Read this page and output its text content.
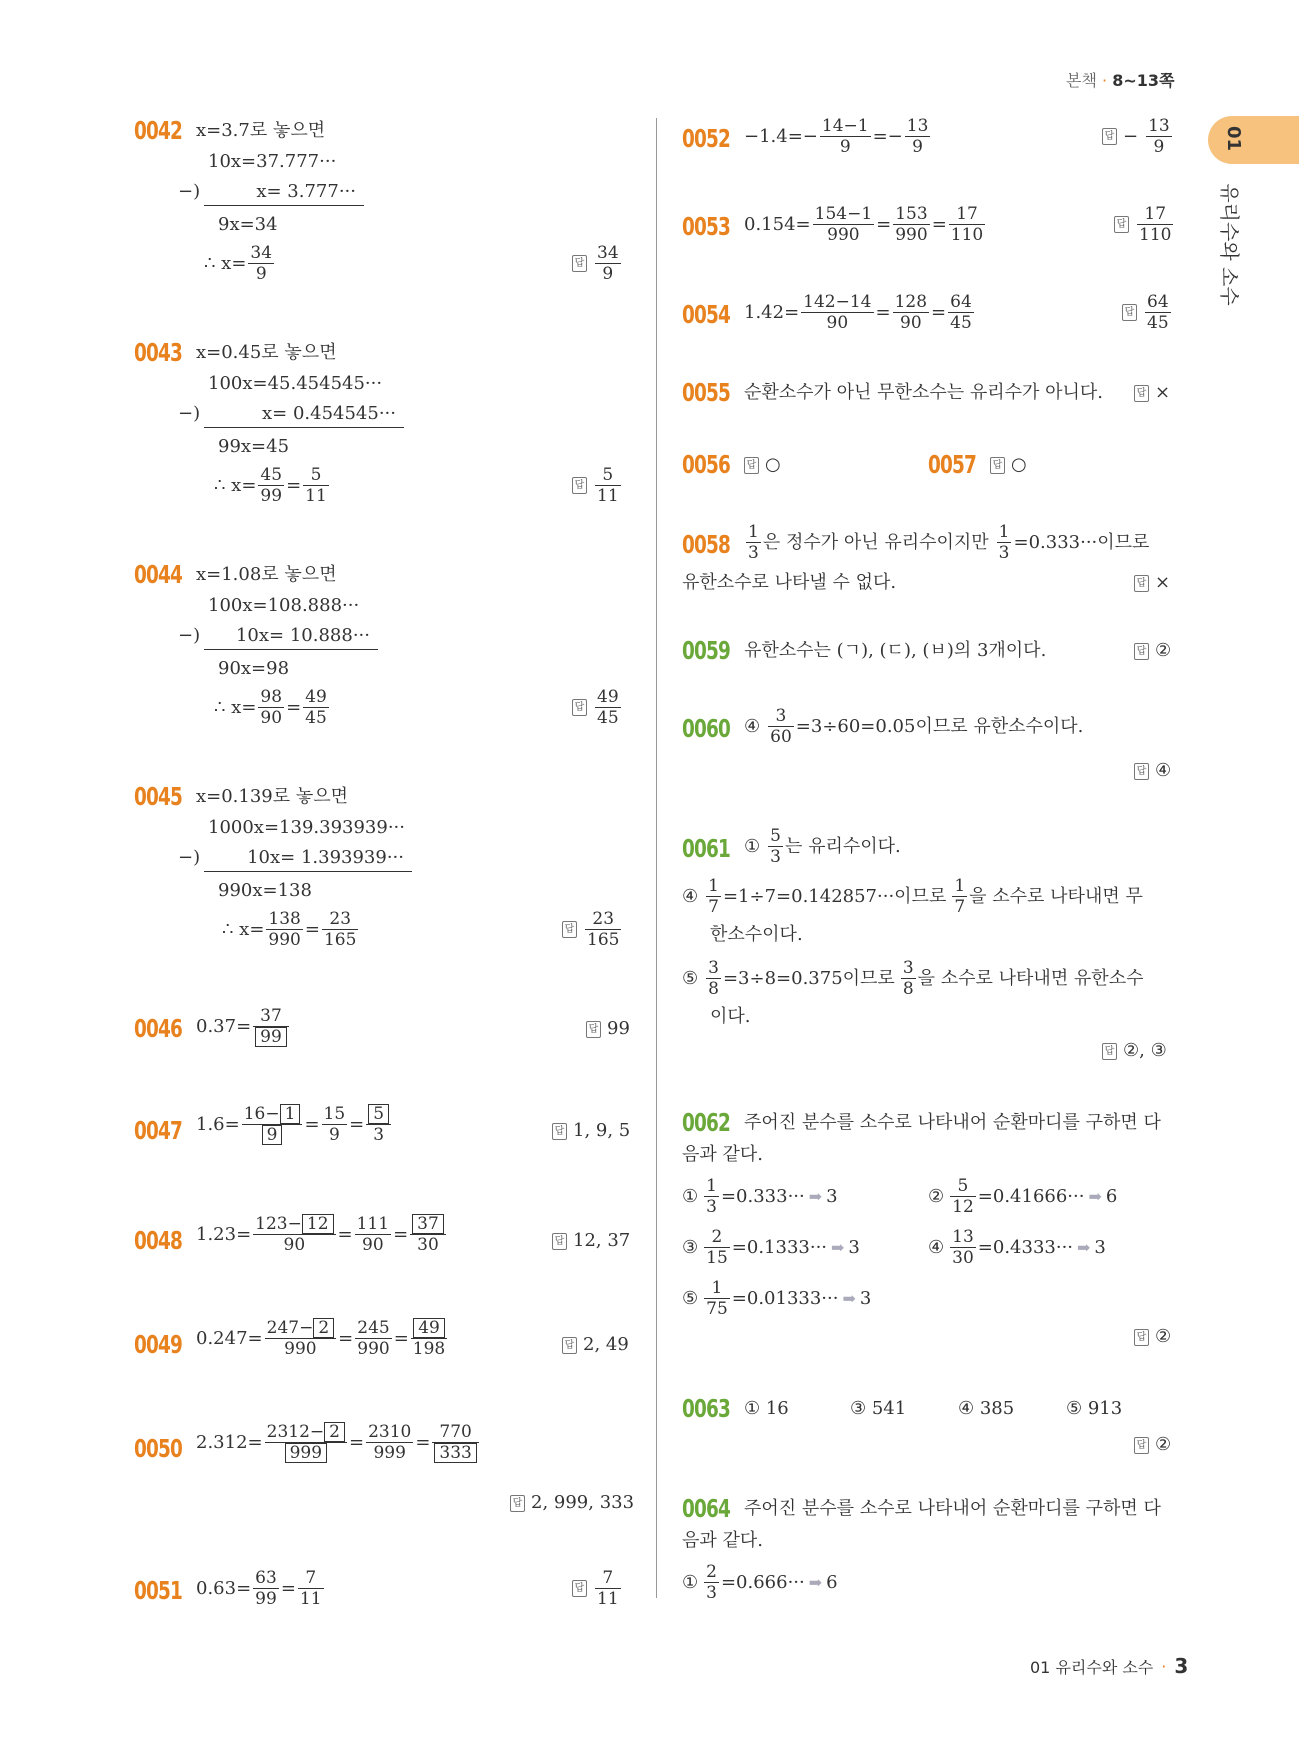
본책 · 8~13쪽
01
유리수와 소수
0042 x=3.7로 놓으면
10x=37.777···
−)	x= 3.777···
9x=34
∴ $x= \frac{34}{9}$	답 $\frac{34}{9}$
0043 x=0.45로 놓으면
100x=45.454545···
−)	x= 0.454545···
99x=45
∴ $x= \frac{45}{99} = \frac{5}{11}$	답 $\frac{5}{11}$
0044 x=1.08로 놓으면
100x=108.888···
−)	10x= 10.888···
90x=98
∴ $x= \frac{98}{90} = \frac{49}{45}$	답 $\frac{49}{45}$
0045 x=0.139로 놓으면
1000x=139.393939···
−)	10x= 1.393939···
990x=138
∴ $x= \frac{138}{990} = \frac{23}{165}$	답 $\frac{23}{165}$
0046 $0.37= \frac{37}{99}$	답 99
0047 $1.6= \frac{16- 1}{9} = \frac{15}{9} = \frac{5}{3}$	답 1, 9, 5
0048 $1.23= \frac{123- 12}{90} = \frac{111}{90} = \frac{37}{30}$	답 12, 37
0049 $0.247= \frac{247- 2}{990} = \frac{245}{990} = \frac{49}{198}$	답 2, 49
0050 $2.312= \frac{2312- 2}{999} = \frac{2310}{999} = \frac{770}{333}$
답 2, 999, 333
0051 $0.63= \frac{63}{99} = \frac{7}{11}$	답 $\frac{7}{11}$
$0052 -1.4=- \frac{14-1}{9} =- \frac{13}{9}$	답 − $\frac{13}{9}$
0053 $0.154= \frac{154-1}{990} = \frac{153}{990} = \frac{17}{110}$	답 $\frac{17}{110}$
0054 $1.42= \frac{142-14}{90} = \frac{128}{90} = \frac{64}{45}$	답 $\frac{64}{45}$
0055 순환소수가 아닌 무한소수는 유리수가 아니다.	답 ×
0056 답 ○	0057 답 ○
$0058 \frac{1}{3}$ 은 정수가 아닌 유리수이지만 $\frac{1}{3} =0.333\cdot\cdot\cdot$이므로
유한소수로 나타낼 수 없다.	답 ×
0059 유한소수는 (ㄱ), (ㄷ), (ㅂ)의 3개이다.	답 ②
0060 ④ $\frac{3}{60} =3\div 60=0.05$이므로 유한소수이다.
답 ④
0061 ① $\frac{5}{3}$ 는 유리수이다.
④ $\frac{1}{7} =1\div 7=0.142857\cdot\cdot\cdot$이므로 $\frac{1}{7}$ 을 소수로 나타내면 무
한소수이다.
⑤ $\frac{3}{8} =3\div 8=0.375$이므로 $\frac{3}{8}$ 을 소수로 나타내면 유한소수
이다.
답 ②, ③
0062 주어진 분수를 소수로 나타내어 순환마디를 구하면 다
음과 같다.
① $\frac{1}{3} =0.333\cdot\cdot\cdot$ ➡ 3	② $\frac{5}{12} =0.41666\cdot\cdot\cdot$ ➡ 6
③ $\frac{2}{15} =0.1333\cdot\cdot\cdot$ ➡ 3	④ $\frac{13}{30} =0.4333\cdot\cdot\cdot$ ➡ 3
⑤ $\frac{1}{75} =0.01333\cdot\cdot\cdot$ ➡ 3
답 ②
0063 ① 16	③ 541	④ 385	⑤ 913
답 ②
0064 주어진 분수를 소수로 나타내어 순환마디를 구하면 다
음과 같다.
① $\frac{2}{3} =0.666\cdot\cdot\cdot$ ➡ 6
01 유리수와 소수 · 3
